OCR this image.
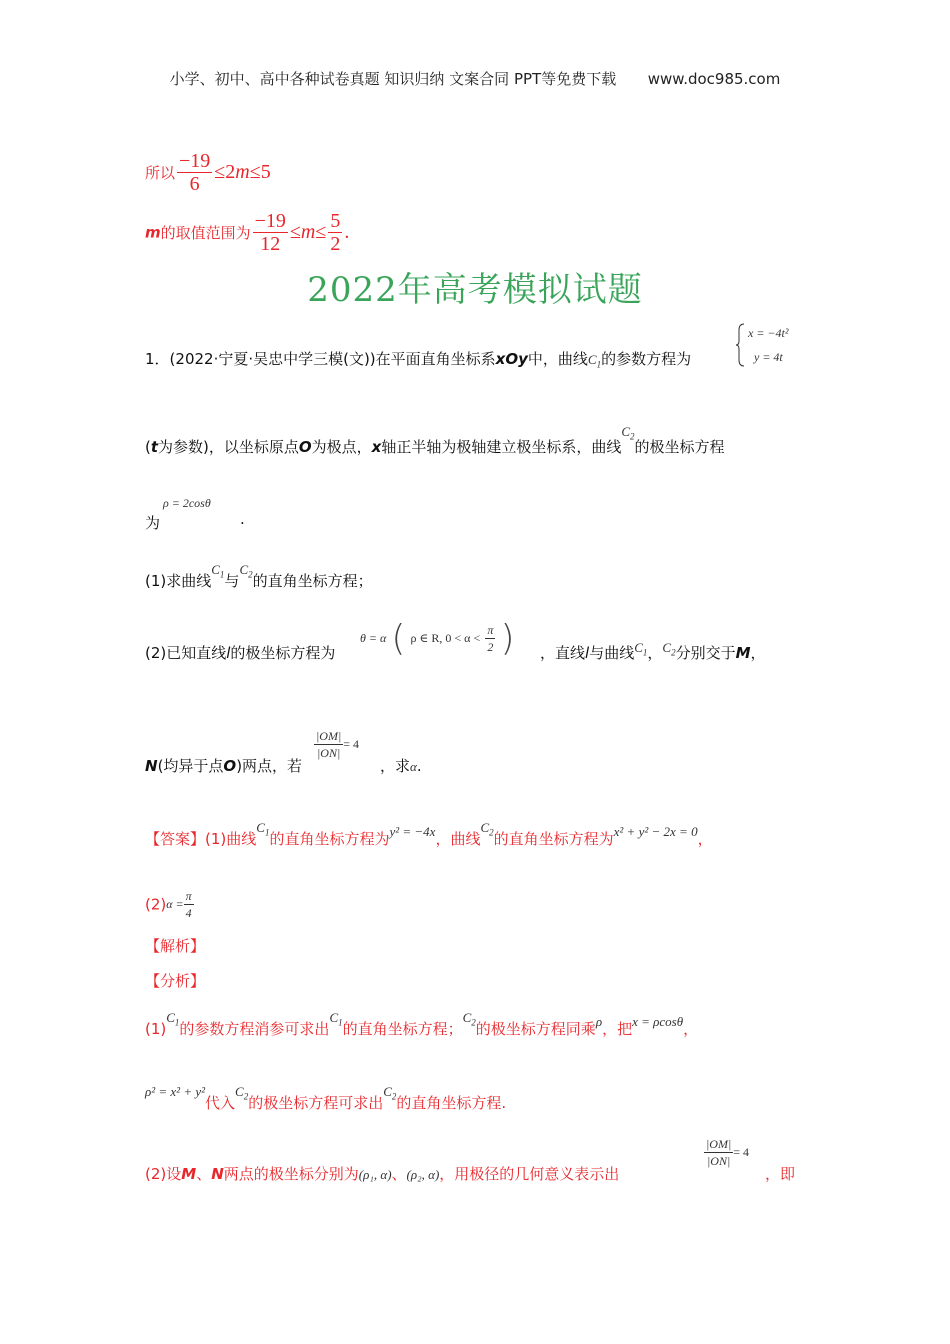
小学、初中、高中各种试卷真题 知识归纳 文案合同 PPT等免费下载 www.doc985.com
所以 $\frac{-19}{6} \le 2m\le 5$
m的取值范围为 $\frac{-19}{12} \le m\le \frac{5}{2}$ .
2022年高考模拟试题
1．(2022·宁夏·吴忠中学三模(文))在平面直角坐标系xOy中，曲线$C_1$的参数方程为
x = −4t²
y = 4t
(t为参数)，以坐标原点O为极点，x轴正半轴为极轴建立极坐标系，曲线$C_2$的极坐标方程
为
ρ = 2cosθ
.
(1)求曲线$C_1$与$C_2$的直角坐标方程；
(2)已知直线l的极坐标方程为
θ = α ( ρ ∈ R, $0 < \alpha < \frac{\pi}{2}$ ) ，直线l与曲线$C_1$，$C_2$分别交于M，
N(均异于点O)两点，若
$\frac{|OM|}{|ON|} = 4$
，求α.
【答案】(1)曲线$C_1$的直角坐标方程为y² = −4x，曲线$C_2$的直角坐标方程为x² + y² − 2x = 0，
$(2)\alpha = \frac{\pi}{4}$
【解析】
【分析】
$(1)C_1$的参数方程消参可求出$C_1$的直角坐标方程；$C_2$的极坐标方程同乘ρ，把x = ρcosθ，
ρ² = x² + y²代入$C_2$的极坐标方程可求出$C_2$的直角坐标方程.
(2)设M、N两点的极坐标分别为(ρ₁, α)、(ρ₂, α)，用极径的几何意义表示出
$\frac{|OM|}{|ON|} = 4$
，即
